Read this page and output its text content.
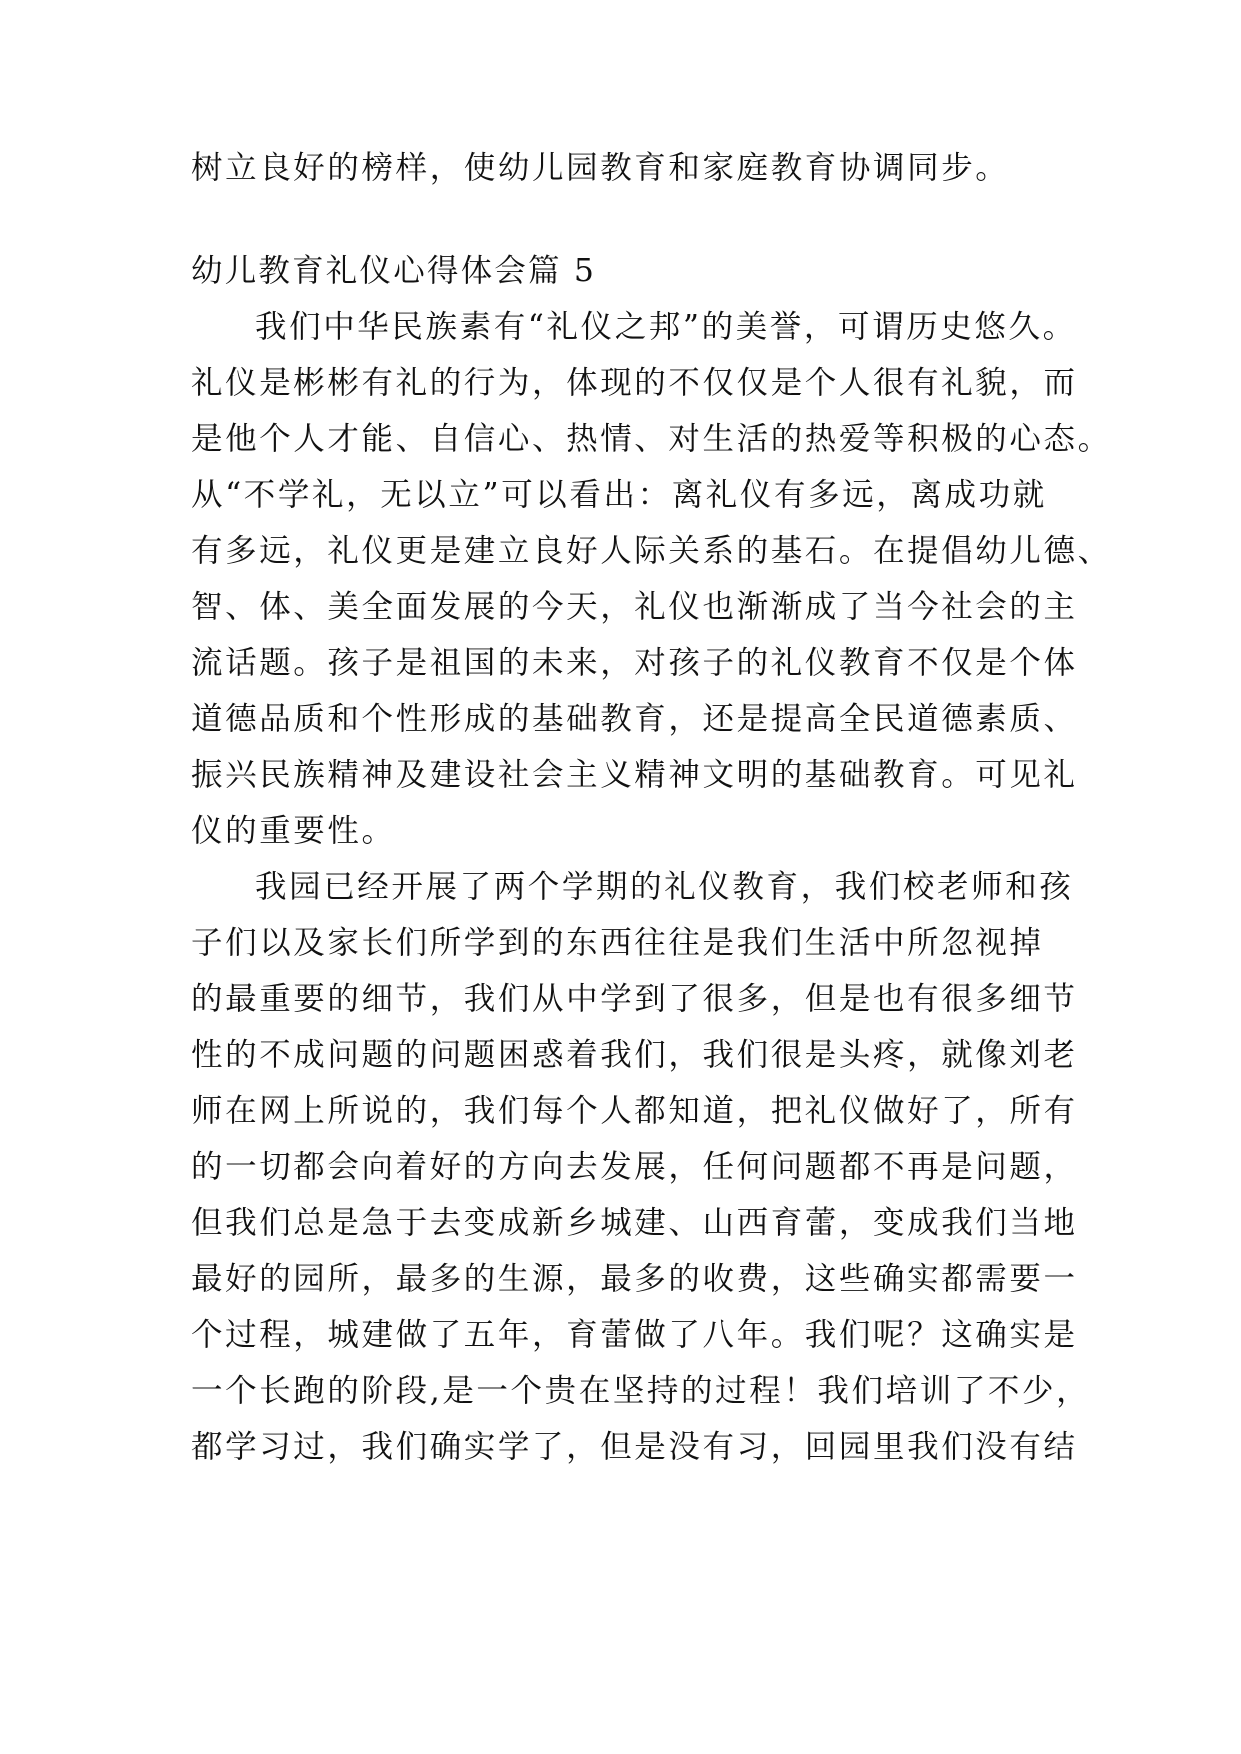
树立良好的榜样，使幼儿园教育和家庭教育协调同步。
幼儿教育礼仪心得体会篇 5
我们中华民族素有“礼仪之邦”的美誉，可谓历史悠久。
礼仪是彬彬有礼的行为，体现的不仅仅是个人很有礼貌，而
是他个人才能、自信心、热情、对生活的热爱等积极的心态。
从“不学礼，无以立”可以看出：离礼仪有多远，离成功就
有多远，礼仪更是建立良好人际关系的基石。在提倡幼儿德、
智、体、美全面发展的今天，礼仪也渐渐成了当今社会的主
流话题。孩子是祖国的未来，对孩子的礼仪教育不仅是个体
道德品质和个性形成的基础教育，还是提高全民道德素质、
振兴民族精神及建设社会主义精神文明的基础教育。可见礼
仪的重要性。
我园已经开展了两个学期的礼仪教育，我们校老师和孩
子们以及家长们所学到的东西往往是我们生活中所忽视掉
的最重要的细节，我们从中学到了很多，但是也有很多细节
性的不成问题的问题困惑着我们，我们很是头疼，就像刘老
师在网上所说的，我们每个人都知道，把礼仪做好了，所有
的一切都会向着好的方向去发展，任何问题都不再是问题，
但我们总是急于去变成新乡城建、山西育蕾，变成我们当地
最好的园所，最多的生源，最多的收费，这些确实都需要一
个过程，城建做了五年，育蕾做了八年。我们呢？这确实是
一个长跑的阶段,是一个贵在坚持的过程！我们培训了不少，
都学习过，我们确实学了，但是没有习，回园里我们没有结
